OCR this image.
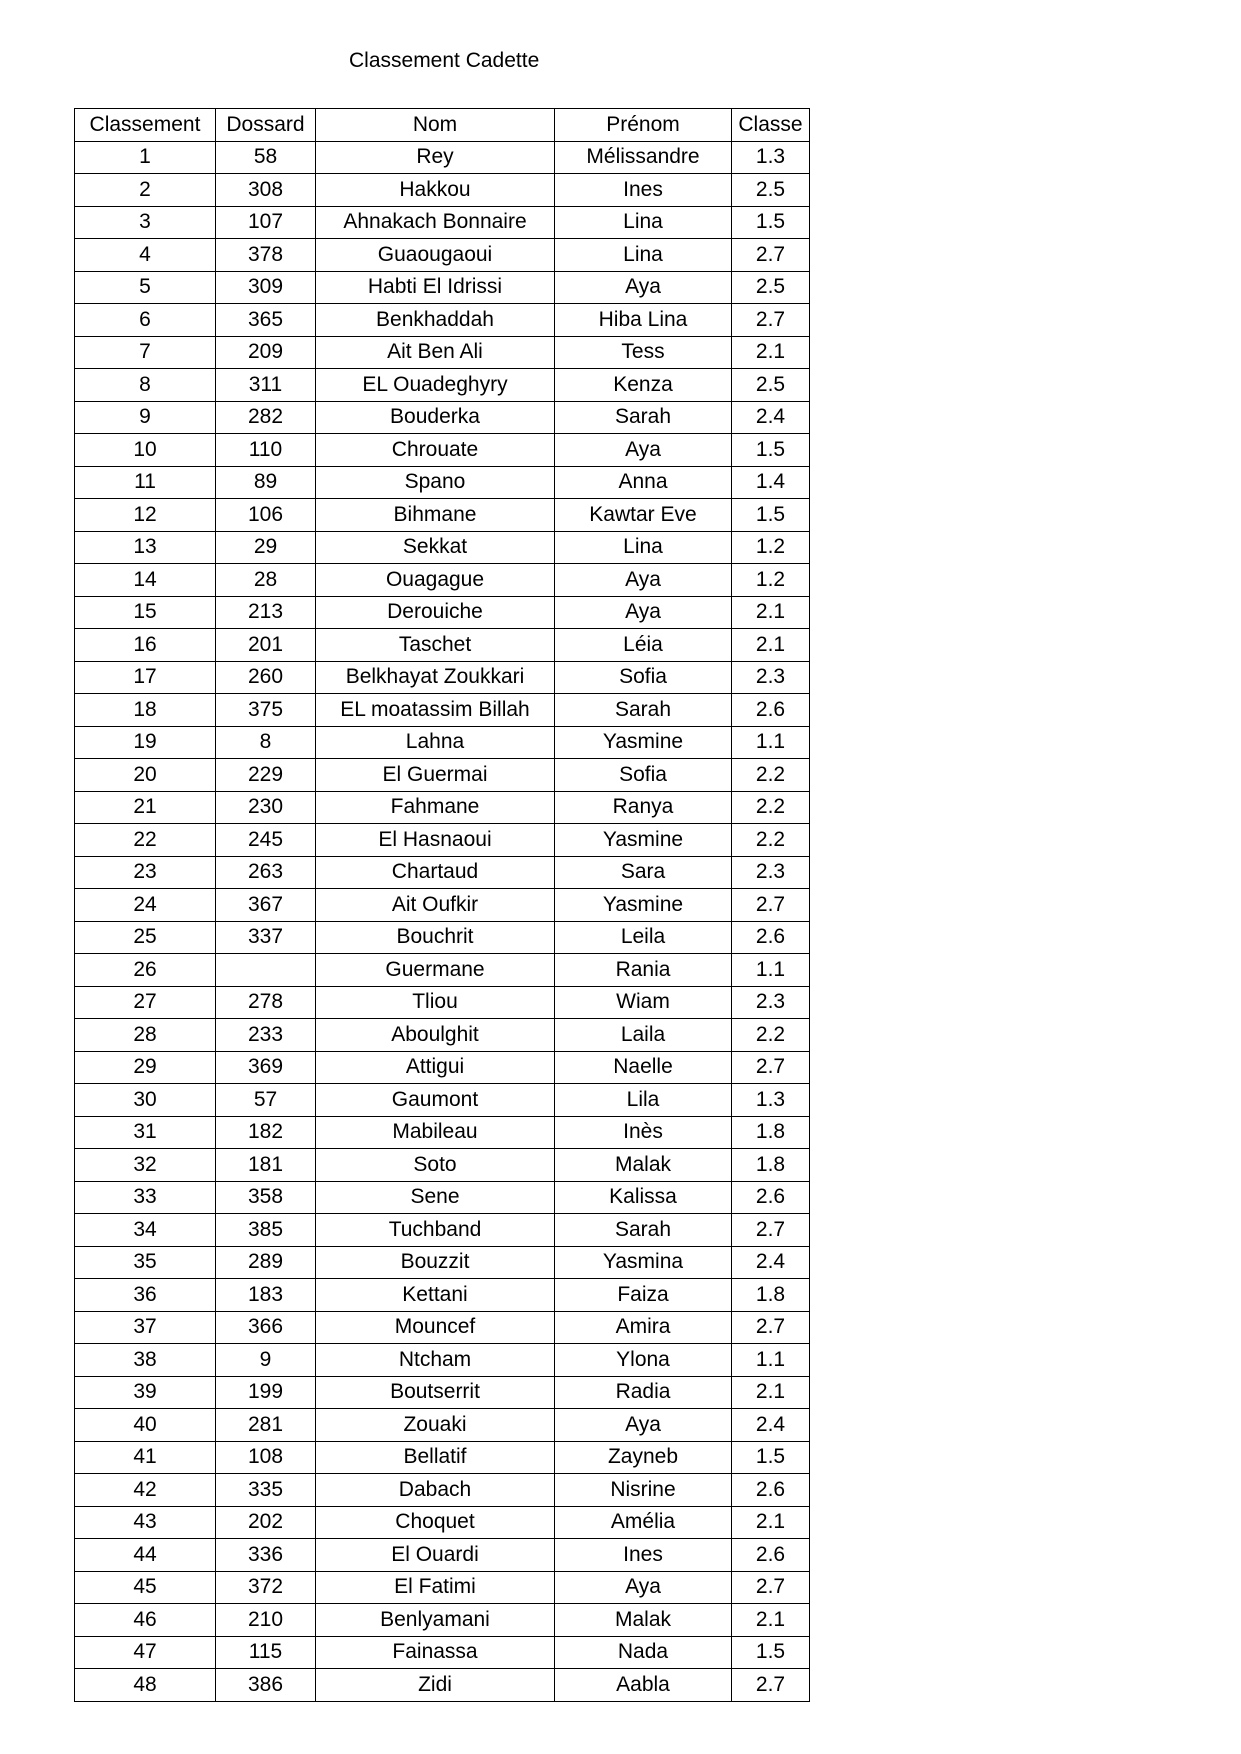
Classement Cadette
Classement	Dossard	Nom	Prénom	Classe
1	58	Rey	Mélissandre	1.3
2	308	Hakkou	Ines	2.5
3	107	Ahnakach Bonnaire	Lina	1.5
4	378	Guaougaoui	Lina	2.7
5	309	Habti El Idrissi	Aya	2.5
6	365	Benkhaddah	Hiba Lina	2.7
7	209	Ait Ben Ali	Tess	2.1
8	311	EL Ouadeghyry	Kenza	2.5
9	282	Bouderka	Sarah	2.4
10	110	Chrouate	Aya	1.5
11	89	Spano	Anna	1.4
12	106	Bihmane	Kawtar Eve	1.5
13	29	Sekkat	Lina	1.2
14	28	Ouagague	Aya	1.2
15	213	Derouiche	Aya	2.1
16	201	Taschet	Léia	2.1
17	260	Belkhayat Zoukkari	Sofia	2.3
18	375	EL moatassim Billah	Sarah	2.6
19	8	Lahna	Yasmine	1.1
20	229	El Guermai	Sofia	2.2
21	230	Fahmane	Ranya	2.2
22	245	El Hasnaoui	Yasmine	2.2
23	263	Chartaud	Sara	2.3
24	367	Ait Oufkir	Yasmine	2.7
25	337	Bouchrit	Leila	2.6
26		Guermane	Rania	1.1
27	278	Tliou	Wiam	2.3
28	233	Aboulghit	Laila	2.2
29	369	Attigui	Naelle	2.7
30	57	Gaumont	Lila	1.3
31	182	Mabileau	Inès	1.8
32	181	Soto	Malak	1.8
33	358	Sene	Kalissa	2.6
34	385	Tuchband	Sarah	2.7
35	289	Bouzzit	Yasmina	2.4
36	183	Kettani	Faiza	1.8
37	366	Mouncef	Amira	2.7
38	9	Ntcham	Ylona	1.1
39	199	Boutserrit	Radia	2.1
40	281	Zouaki	Aya	2.4
41	108	Bellatif	Zayneb	1.5
42	335	Dabach	Nisrine	2.6
43	202	Choquet	Amélia	2.1
44	336	El Ouardi	Ines	2.6
45	372	El Fatimi	Aya	2.7
46	210	Benlyamani	Malak	2.1
47	115	Fainassa	Nada	1.5
48	386	Zidi	Aabla	2.7
